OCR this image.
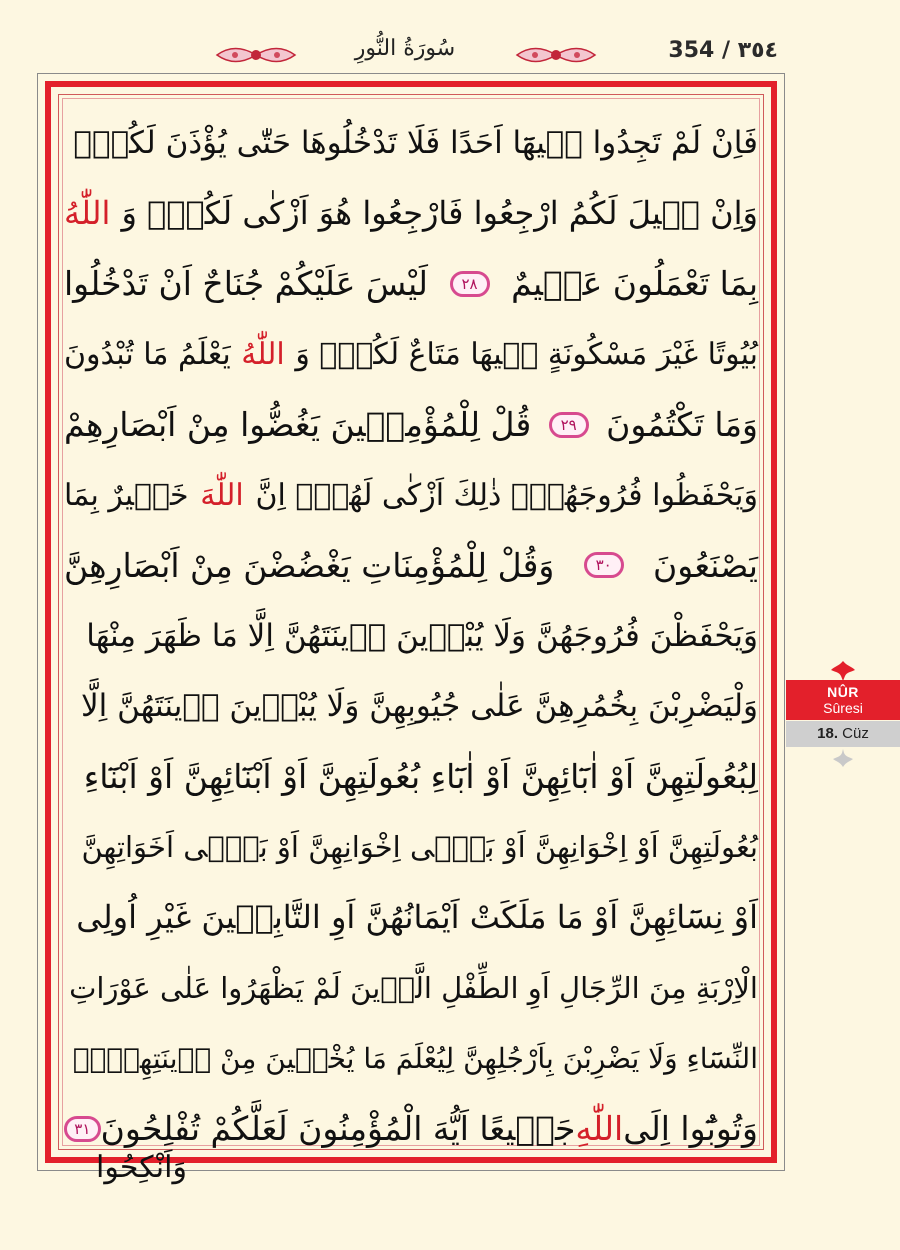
سُورَةُ النُّورِ	354 / ٣٥٤
فَاِنْ لَمْ تَجِدُوا فٖيهَٓا اَحَدًا فَلَا تَدْخُلُوهَا حَتّٰى يُؤْذَنَ لَكُمْۚ
وَاِنْ قٖيلَ لَكُمُ ارْجِعُوا فَارْجِعُوا هُوَ اَزْكٰى لَكُمْۜ وَ
اللّٰهُ
بِمَا تَعْمَلُونَ عَلٖيمٌ
٢٨
لَيْسَ عَلَيْكُمْ جُنَاحٌ اَنْ تَدْخُلُوا
بُيُوتًا غَيْرَ مَسْكُونَةٍ فٖيهَا مَتَاعٌ لَكُمْۜ وَ
اللّٰهُ
يَعْلَمُ مَا تُبْدُونَ
وَمَا تَكْتُمُونَ
٢٩
قُلْ لِلْمُؤْمِنٖينَ يَغُضُّوا مِنْ اَبْصَارِهِمْ
وَيَحْفَظُوا فُرُوجَهُمْۜ ذٰلِكَ اَزْكٰى لَهُمْۜ اِنَّ
اللّٰهَ
خَبٖيرٌ بِمَا
يَصْنَعُونَ
٣٠
وَقُلْ لِلْمُؤْمِنَاتِ يَغْضُضْنَ مِنْ اَبْصَارِهِنَّ
وَيَحْفَظْنَ فُرُوجَهُنَّ وَلَا يُبْدٖينَ زٖينَتَهُنَّ اِلَّا مَا ظَهَرَ مِنْهَا
وَلْيَضْرِبْنَ بِخُمُرِهِنَّ عَلٰى جُيُوبِهِنَّ وَلَا يُبْدٖينَ زٖينَتَهُنَّ اِلَّا
لِبُعُولَتِهِنَّ اَوْ اٰبَٓائِهِنَّ اَوْ اٰبَٓاءِ بُعُولَتِهِنَّ اَوْ اَبْنَٓائِهِنَّ اَوْ اَبْنَٓاءِ
بُعُولَتِهِنَّ اَوْ اِخْوَانِهِنَّ اَوْ بَنٖٓى اِخْوَانِهِنَّ اَوْ بَنٖٓى اَخَوَاتِهِنَّ
اَوْ نِسَٓائِهِنَّ اَوْ مَا مَلَكَتْ اَيْمَانُهُنَّ اَوِ التَّابِعٖينَ غَيْرِ اُولِى
الْاِرْبَةِ مِنَ الرِّجَالِ اَوِ الطِّفْلِ الَّذٖينَ لَمْ يَظْهَرُوا عَلٰى عَوْرَاتِ
النِّسَٓاءِ وَلَا يَضْرِبْنَ بِاَرْجُلِهِنَّ لِيُعْلَمَ مَا يُخْفٖينَ مِنْ زٖينَتِهِنَّۜ
وَتُوبُٓوا اِلَى
اللّٰهِ
جَمٖيعًا اَيُّهَ الْمُؤْمِنُونَ لَعَلَّكُمْ تُفْلِحُونَ
٣١
وَاَنْكِحُوا
NÛR
Sûresi
18. Cüz
